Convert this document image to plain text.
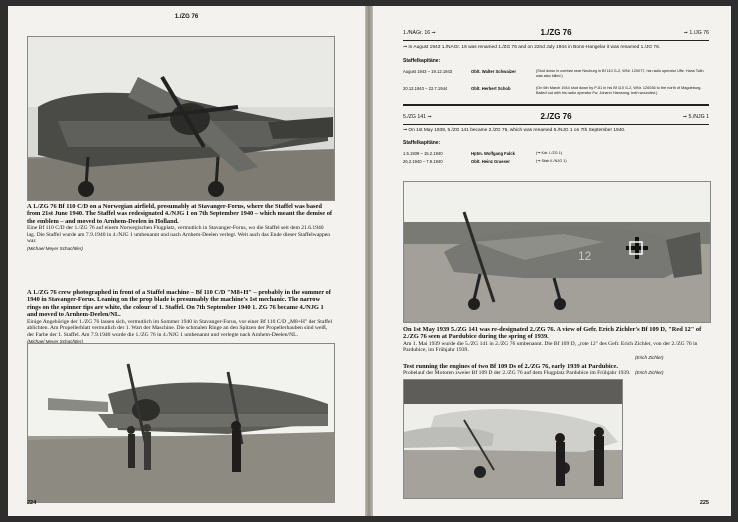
1./ZG 76
A 1./ZG 76 Bf 110 C/D on a Norwegian airfield, presumably at Stavanger-Forus, where the Staffel was based from 21st June 1940. The Staffel was redesignated 4./NJG 1 on 7th September 1940 – which meant the demise of the emblem – and moved to Arnhem-Deelen in Holland.
Eine Bf 110 C/D der 1./ZG 76 auf einem Norwegischen Flugplatz, vermutlich in Stavanger-Forus, wo die Staffel seit dem 21.6.1940 lag. Die Staffel wurde am 7.9.1940 in 4./NJG 1 umbenannt und nach Arnhem-Deelen verlegt. Weit auch das Ende dieser Staffelwappen war.
(Michael Meyer Schachtler)
A 1./ZG 76 crew photographed in front of a Staffel machine – Bf 110 C/D "M8+H" – probably in the summer of 1940 in Stavanger-Forus. Leaning on the prop blade is presumably the machine's 1st mechanic. The narrow rings on the spinner tips are white, the colour of 1. Staffel. On 7th September 1940 1. ZG 76 became 4./NJG 1 and moved to Arnhem-Deelen/NL.
Einige Angehörige der 1./ZG 76 lassen sich, vermutlich im Sommer 1940 in Stavanger-Forus, vor einer Bf 110 C/D „M8+H" der Staffel ablichten. Am Propellerblatt vermutlich der 1. Wart der Maschine. Die schmalen Ringe an den Spitzen der Propellerhauben sind weiß, der Farbe der 1. Staffel. Am 7.9.1940 wurde die 1./ZG 76 in 4./NJG 1 umbenannt und verlegte nach Arnhem-Deelen/NL.
(Michael Meyer Schachtler)
224
1./NAGr. 16 ➞	1./ZG 76	➞ 1./JG 76
➞ In August 1943 1./NAGr. 16 was renamed 1./ZG 76 and on 22nd July 1944 in Bonn-Hangelar it was renamed 1./JG 76.
Staffelkapitäne:
August 1943 – 19.12.1943	Oblt. Walter Schwaizer	(Shot down in combat near Neuburg in Bf 110 G-2, WNr. 120077, his radio operator Uffz. Hans Talin was also killed.)
20.12.1943 – 22.7.1944	Oblt. Herbert Schob	(On 6th March 1944 shot down by P-51 in his Bf 110 G-2, WNr. 120036 to the north of Magdeburg. Bailed out with his radio operator Fw. Johann Hamsung, both wounded.)
5./ZG 141 ➞	2./ZG 76	➞ 5./NJG 1
➞ On 1st May 1939, 5./ZG 141 became 2./ZG 76, which was renamed 5./NJG 1 on 7th September 1940.
Staffelkapitäne:
1.5.1939 – 15.2.1940	Hptm. Wolfgang Falck	(➞ Kdr. I./ZG 1)
26.2.1940 – 7.9.1940	Oblt. Heinz Graeser	(➞ Stab II./NJG 1)
12
On 1st May 1939 5./ZG 141 was re-designated 2./ZG 76. A view of Gefr. Erich Zichler's Bf 109 D, "Red 12" of 2./ZG 76 seen at Pardubice during the spring of 1939.
Am 1. Mai 1939 wurde die 5./ZG 141 in 2./ZG 76 umbenannt. Die Bf 109 D, „rote 12" des Gefr. Erich Zichler, von der 2./ZG 76 in Pardubice, im Frühjahr 1939.
(Erich Zichler)
Test running the engines of two Bf 109 Ds of 2./ZG 76, early 1939 at Pardubice.
Probelauf der Motoren zweier Bf 109 D der 2./ZG 76 auf dem Flugplatz Pardubice im Frühjahr 1939. (Erich Zichler)
225
